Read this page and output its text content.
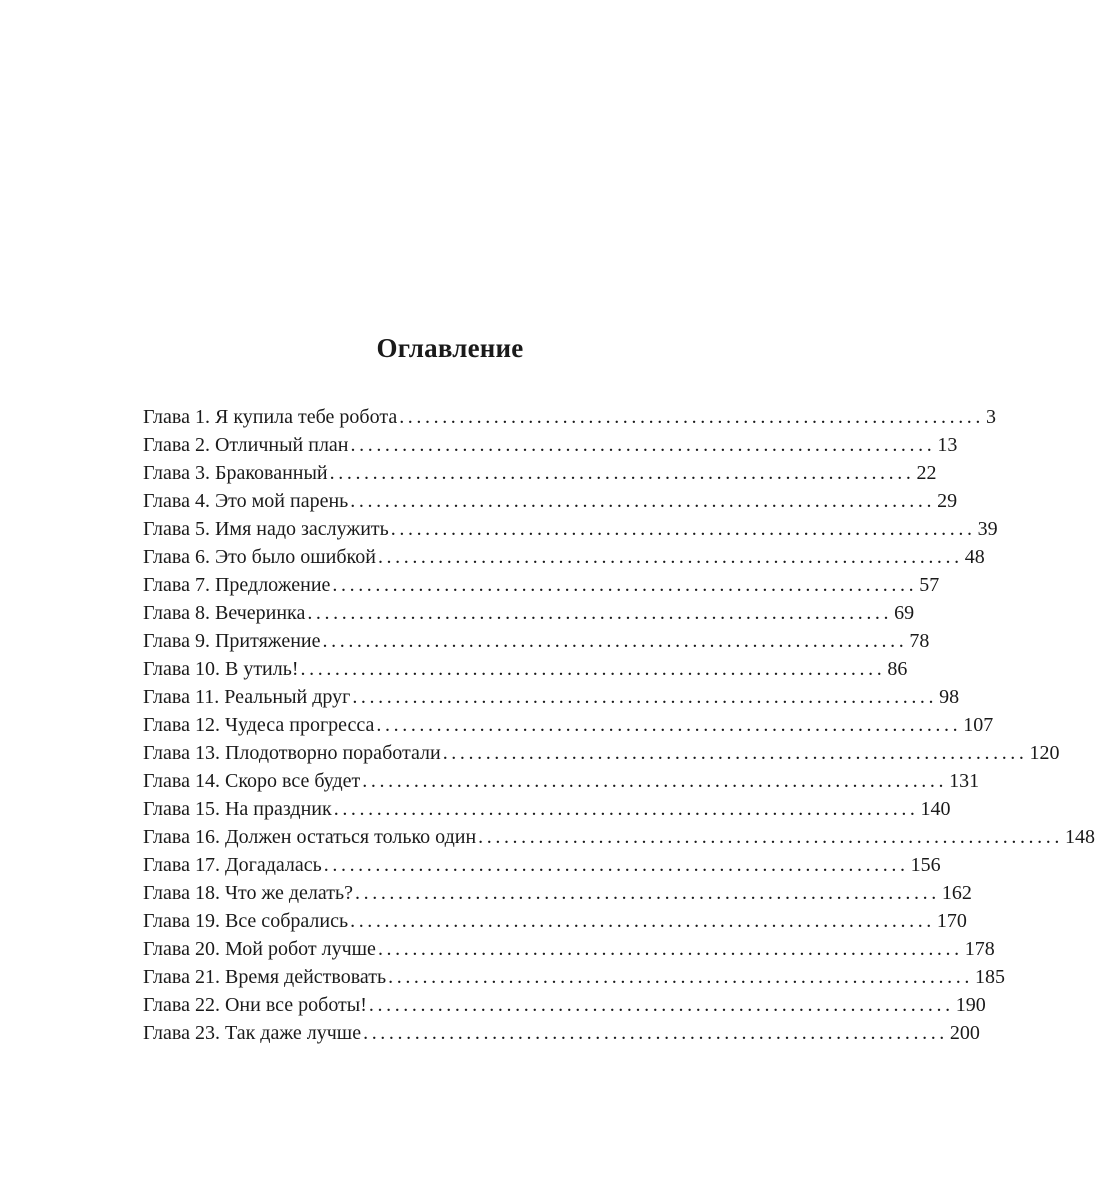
Оглавление
Глава 1. Я купила тебе робота .................................................................... 3
Глава 2. Отличный план .................................................................... 13
Глава 3. Бракованный .................................................................... 22
Глава 4. Это мой парень .................................................................... 29
Глава 5. Имя надо заслужить .................................................................... 39
Глава 6. Это было ошибкой .................................................................... 48
Глава 7. Предложение .................................................................... 57
Глава 8. Вечеринка .................................................................... 69
Глава 9. Притяжение .................................................................... 78
Глава 10. В утиль! .................................................................... 86
Глава 11. Реальный друг .................................................................... 98
Глава 12. Чудеса прогресса .................................................................... 107
Глава 13. Плодотворно поработали .................................................................... 120
Глава 14. Скоро все будет .................................................................... 131
Глава 15. На праздник .................................................................... 140
Глава 16. Должен остаться только один .................................................................... 148
Глава 17. Догадалась .................................................................... 156
Глава 18. Что же делать? .................................................................... 162
Глава 19. Все собрались .................................................................... 170
Глава 20. Мой робот лучше .................................................................... 178
Глава 21. Время действовать .................................................................... 185
Глава 22. Они все роботы! .................................................................... 190
Глава 23. Так даже лучше .................................................................... 200
